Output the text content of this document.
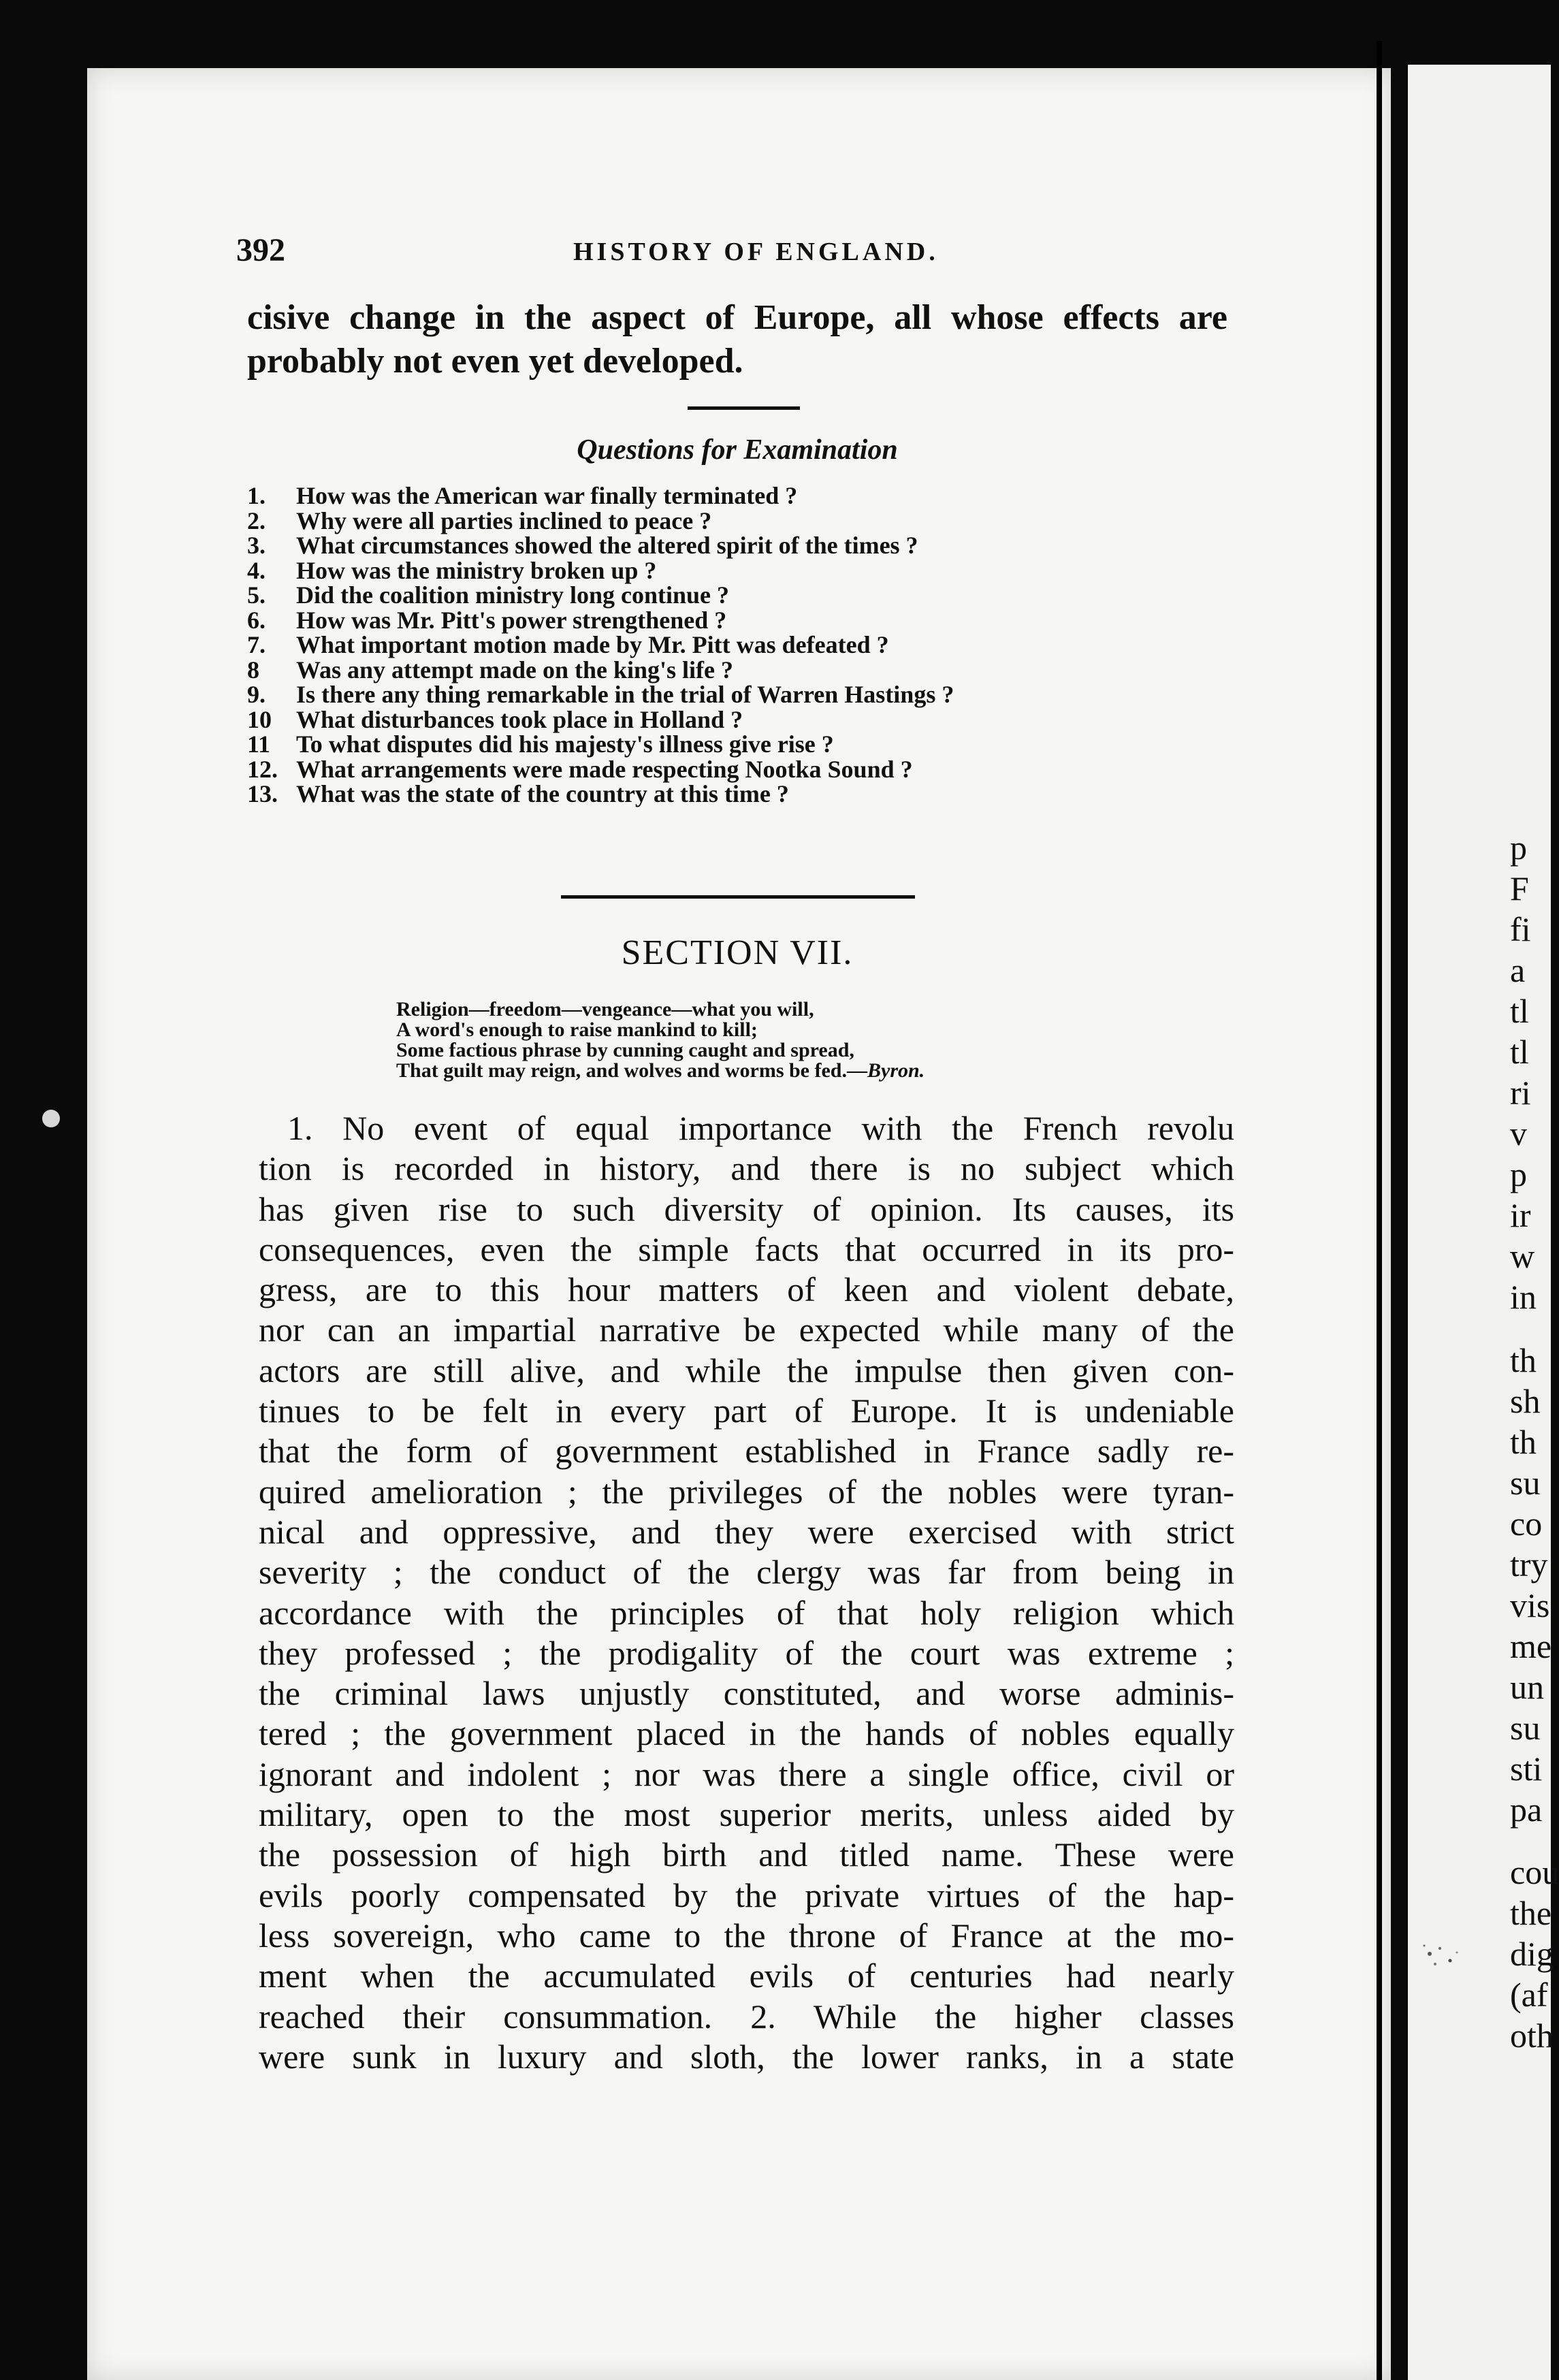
392	HISTORY OF ENGLAND.

cisive change in the aspect of Europe, all whose effects are
probably not even yet developed.

Questions for Examination
1.	How was the American war finally terminated ?
2.	Why were all parties inclined to peace ?
3.	What circumstances showed the altered spirit of the times ?
4.	How was the ministry broken up ?
5.	Did the coalition ministry long continue ?
6.	How was Mr. Pitt's power strengthened ?
7.	What important motion made by Mr. Pitt was defeated ?
8	Was any attempt made on the king's life ?
9.	Is there any thing remarkable in the trial of Warren Hastings ?
10	What disturbances took place in Holland ?
11	To what disputes did his majesty's illness give rise ?
12. What arrangements were made respecting Nootka Sound ?
13. What was the state of the country at this time ?
SECTION VII.
Religion—freedom—vengeance—what you will,
A word's enough to raise mankind to kill;
Some factious phrase by cunning caught and spread,
That guilt may reign, and wolves and worms be fed.—Byron.
1. No event of equal importance with the French revolu
tion is recorded in history, and there is no subject which
has given rise to such diversity of opinion. Its causes, its
consequences, even the simple facts that occurred in its pro-
gress, are to this hour matters of keen and violent debate,
nor can an impartial narrative be expected while many of the
actors are still alive, and while the impulse then given con-
tinues to be felt in every part of Europe. It is undeniable
that the form of government established in France sadly re-
quired amelioration ; the privileges of the nobles were tyran-
nical and oppressive, and they were exercised with strict
severity ; the conduct of the clergy was far from being in
accordance with the principles of that holy religion which
they professed ; the prodigality of the court was extreme ;
the criminal laws unjustly constituted, and worse adminis-
tered ; the government placed in the hands of nobles equally
ignorant and indolent ; nor was there a single office, civil or
military, open to the most superior merits, unless aided by
the possession of high birth and titled name. These were
evils poorly compensated by the private virtues of the hap-
less sovereign, who came to the throne of France at the mo-
ment when the accumulated evils of centuries had nearly
reached their consummation. 2. While the higher classes
were sunk in luxury and sloth, the lower ranks, in a state
p
F
fi
a
tl
tl
ri
v
p
ir
w
in
th
sh
th
su
co
try
vis
me
un
su
sti
pa
cou
the
dig
(af
oth
